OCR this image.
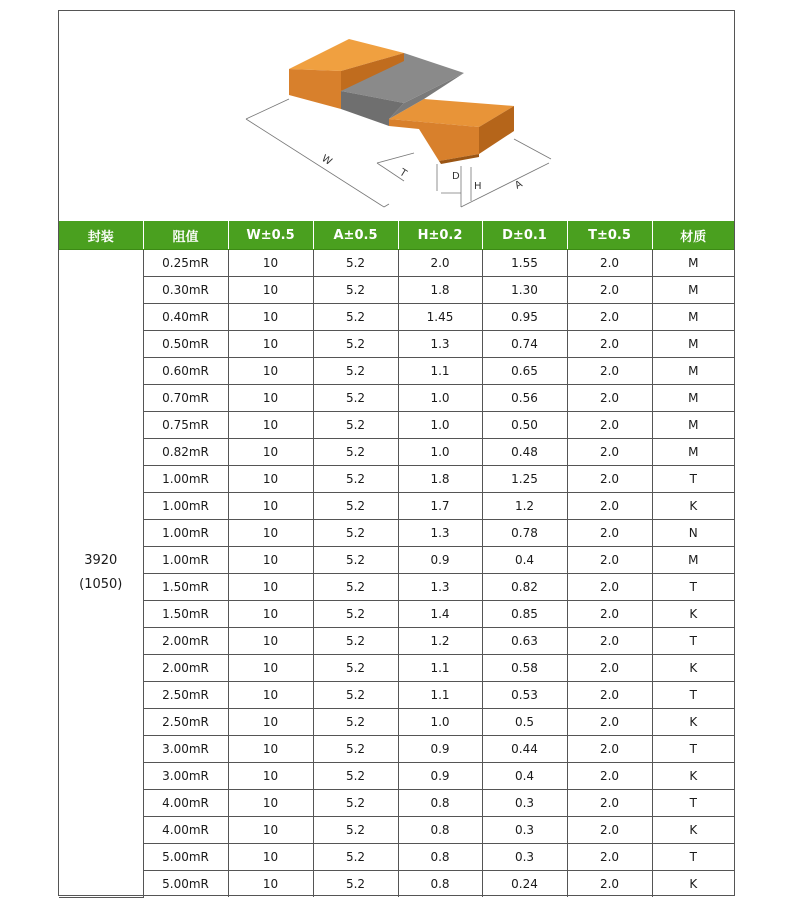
W
T	D
H	A
封装	阻值	W±0.5	A±0.5	H±0.2	D±0.1	T±0.5	材质

3920
(1050)	0.25mR	10	5.2	2.0	1.55	2.0	M
	0.30mR	10	5.2	1.8	1.30	2.0	M
	0.40mR	10	5.2	1.45	0.95	2.0	M
	0.50mR	10	5.2	1.3	0.74	2.0	M
	0.60mR	10	5.2	1.1	0.65	2.0	M
	0.70mR	10	5.2	1.0	0.56	2.0	M
	0.75mR	10	5.2	1.0	0.50	2.0	M
	0.82mR	10	5.2	1.0	0.48	2.0	M
	1.00mR	10	5.2	1.8	1.25	2.0	T
	1.00mR	10	5.2	1.7	1.2	2.0	K
	1.00mR	10	5.2	1.3	0.78	2.0	N
	1.00mR	10	5.2	0.9	0.4	2.0	M
	1.50mR	10	5.2	1.3	0.82	2.0	T
	1.50mR	10	5.2	1.4	0.85	2.0	K
	2.00mR	10	5.2	1.2	0.63	2.0	T
	2.00mR	10	5.2	1.1	0.58	2.0	K
	2.50mR	10	5.2	1.1	0.53	2.0	T
	2.50mR	10	5.2	1.0	0.5	2.0	K
	3.00mR	10	5.2	0.9	0.44	2.0	T
	3.00mR	10	5.2	0.9	0.4	2.0	K
	4.00mR	10	5.2	0.8	0.3	2.0	T
	4.00mR	10	5.2	0.8	0.3	2.0	K
	5.00mR	10	5.2	0.8	0.3	2.0	T
	5.00mR	10	5.2	0.8	0.24	2.0	K
